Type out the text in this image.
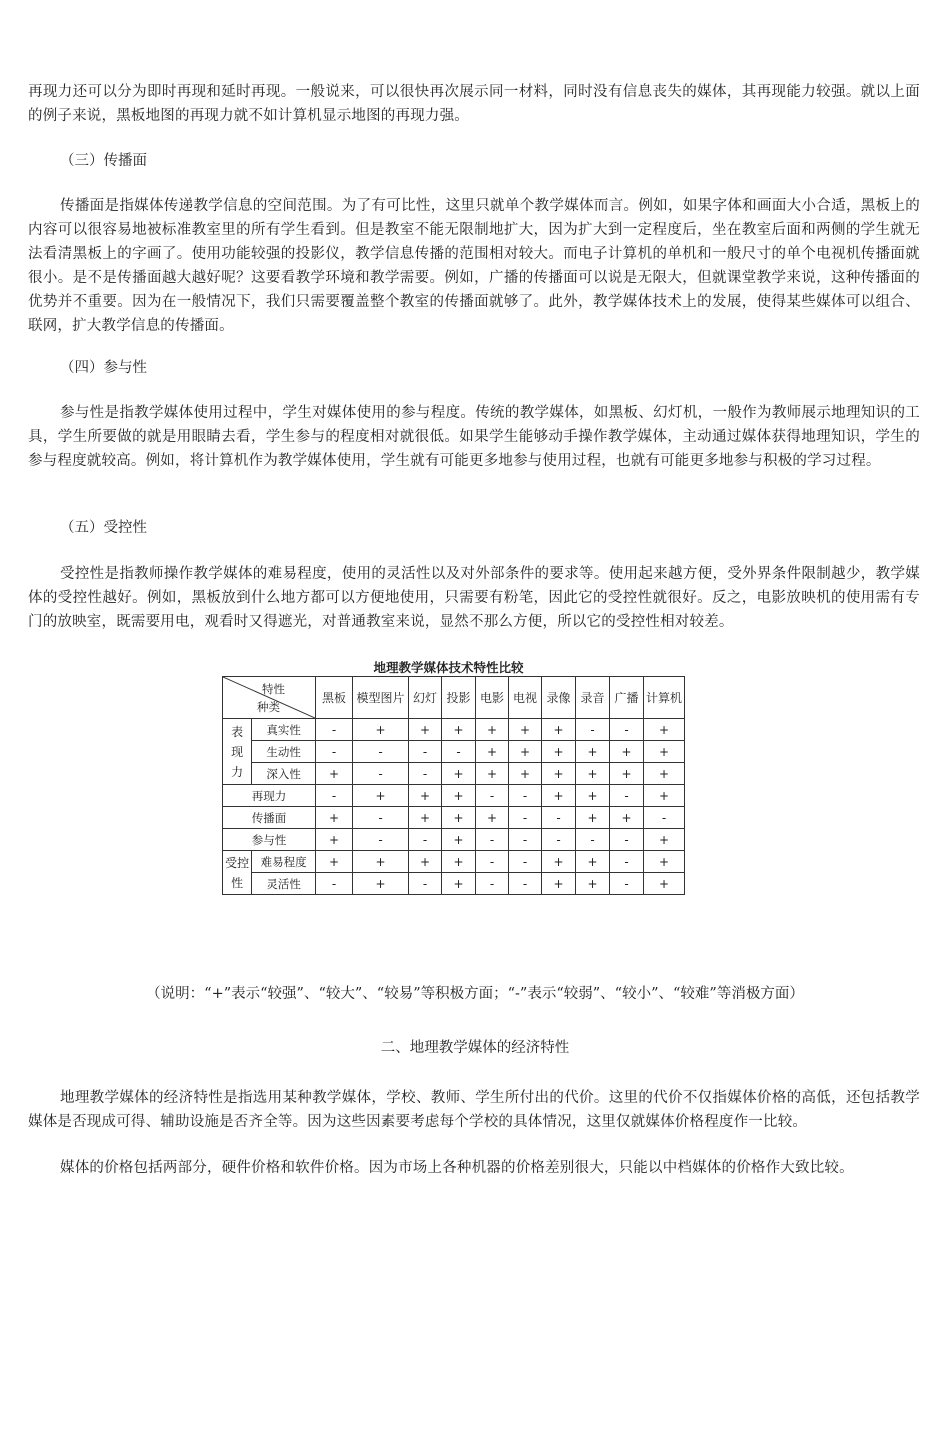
再现力还可以分为即时再现和延时再现。一般说来，可以很快再次展示同一材料，同时没有信息丧失的媒体，其再现能力较强。就以上面的例子来说，黑板地图的再现力就不如计算机显示地图的再现力强。

（三）传播面

传播面是指媒体传递教学信息的空间范围。为了有可比性，这里只就单个教学媒体而言。例如，如果字体和画面大小合适，黑板上的内容可以很容易地被标准教室里的所有学生看到。但是教室不能无限制地扩大，因为扩大到一定程度后，坐在教室后面和两侧的学生就无法看清黑板上的字画了。使用功能较强的投影仪，教学信息传播的范围相对较大。而电子计算机的单机和一般尺寸的单个电视机传播面就很小。是不是传播面越大越好呢？这要看教学环境和教学需要。例如，广播的传播面可以说是无限大，但就课堂教学来说，这种传播面的优势并不重要。因为在一般情况下，我们只需要覆盖整个教室的传播面就够了。此外，教学媒体技术上的发展，使得某些媒体可以组合、联网，扩大教学信息的传播面。

（四）参与性

参与性是指教学媒体使用过程中，学生对媒体使用的参与程度。传统的教学媒体，如黑板、幻灯机，一般作为教师展示地理知识的工具，学生所要做的就是用眼睛去看，学生参与的程度相对就很低。如果学生能够动手操作教学媒体，主动通过媒体获得地理知识，学生的参与程度就较高。例如，将计算机作为教学媒体使用，学生就有可能更多地参与使用过程，也就有可能更多地参与积极的学习过程。

（五）受控性

受控性是指教师操作教学媒体的难易程度，使用的灵活性以及对外部条件的要求等。使用起来越方便，受外界条件限制越少，教学媒体的受控性越好。例如，黑板放到什么地方都可以方便地使用，只需要有粉笔，因此它的受控性就很好。反之，电影放映机的使用需有专门的放映室，既需要用电，观看时又得遮光，对普通教室来说，显然不那么方便，所以它的受控性相对较差。

地理教学媒体技术特性比较
特性
种类		黑板	模型图片	幻灯	投影	电影	电视	录像	录音	广播	计算机
表
现
力	真实性	-	+	+	+	+	+	+	-	-	+
	生动性	-	-	-	-	+	+	+	+	+	+
	深入性	+	-	-	+	+	+	+	+	+	+
再现力		-	+	+	+	-	-	+	+	-	+
传播面		+	-	+	+	+	-	-	+	+	-
参与性		+	-	-	+	-	-	-	-	-	+
受控
性	难易程度	+	+	+	+	-	-	+	+	-	+
	灵活性	-	+	-	+	-	-	+	+	-	+

（说明：“+”表示“较强”、“较大”、“较易”等积极方面；“-”表示“较弱”、“较小”、“较难”等消极方面）

二、地理教学媒体的经济特性

地理教学媒体的经济特性是指选用某种教学媒体，学校、教师、学生所付出的代价。这里的代价不仅指媒体价格的高低，还包括教学媒体是否现成可得、辅助设施是否齐全等。因为这些因素要考虑每个学校的具体情况，这里仅就媒体价格程度作一比较。

媒体的价格包括两部分，硬件价格和软件价格。因为市场上各种机器的价格差别很大，只能以中档媒体的价格作大致比较。
